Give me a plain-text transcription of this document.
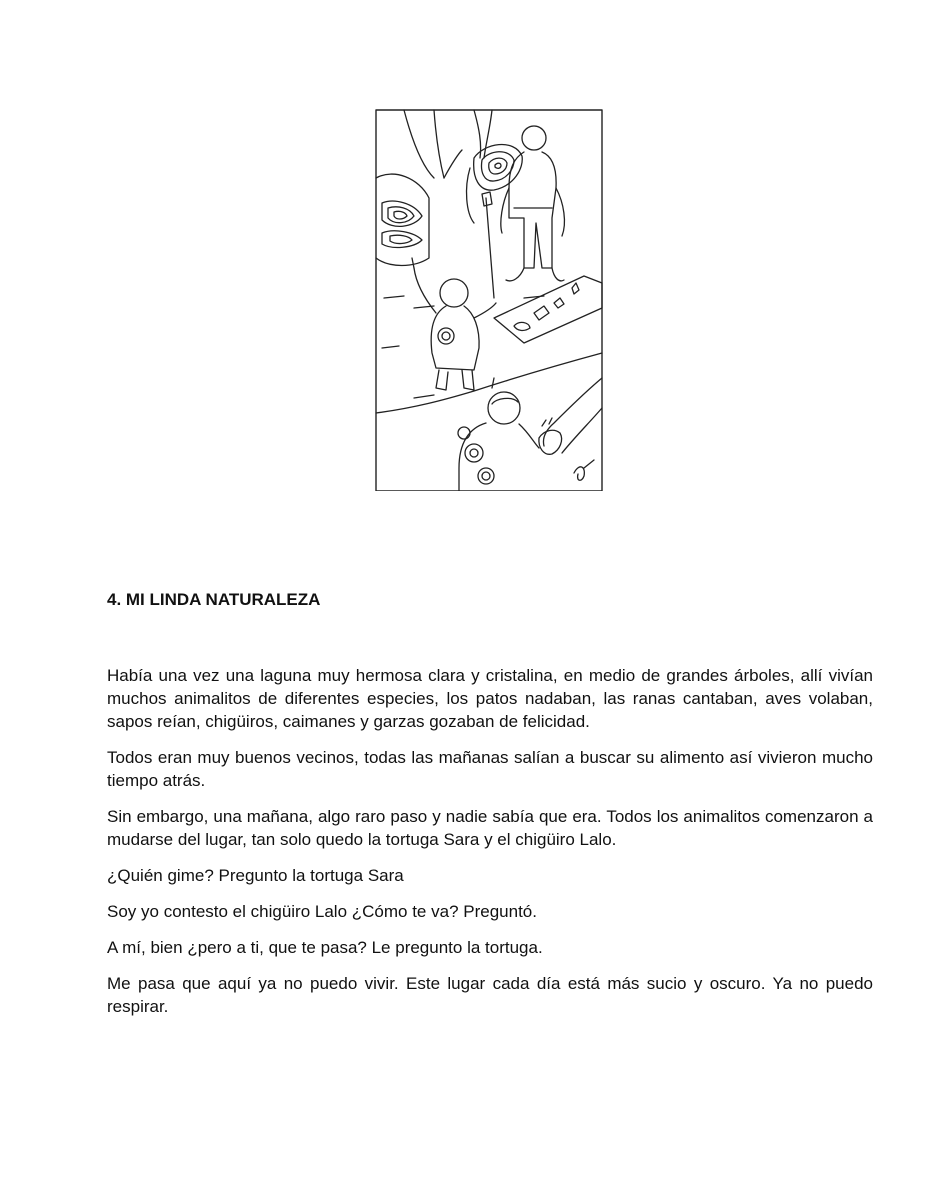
4. MI LINDA NATURALEZA

Había una vez una laguna muy hermosa clara y cristalina, en medio de grandes árboles, allí vivían muchos animalitos de diferentes especies, los patos nadaban, las ranas cantaban, aves volaban, sapos reían, chigüiros, caimanes y garzas gozaban de felicidad.

Todos eran muy buenos vecinos, todas las mañanas salían a buscar su alimento así vivieron mucho tiempo atrás.

Sin embargo, una mañana, algo raro paso y nadie sabía que era. Todos los animalitos comenzaron a mudarse del lugar, tan solo quedo la tortuga Sara y el chigüiro Lalo.

¿Quién gime? Pregunto la tortuga Sara

Soy yo contesto el chigüiro Lalo ¿Cómo te va? Preguntó.

A mí, bien ¿pero a ti, que te pasa? Le pregunto la tortuga.

Me pasa que aquí ya no puedo vivir. Este lugar cada día está más sucio y oscuro. Ya no puedo respirar.
